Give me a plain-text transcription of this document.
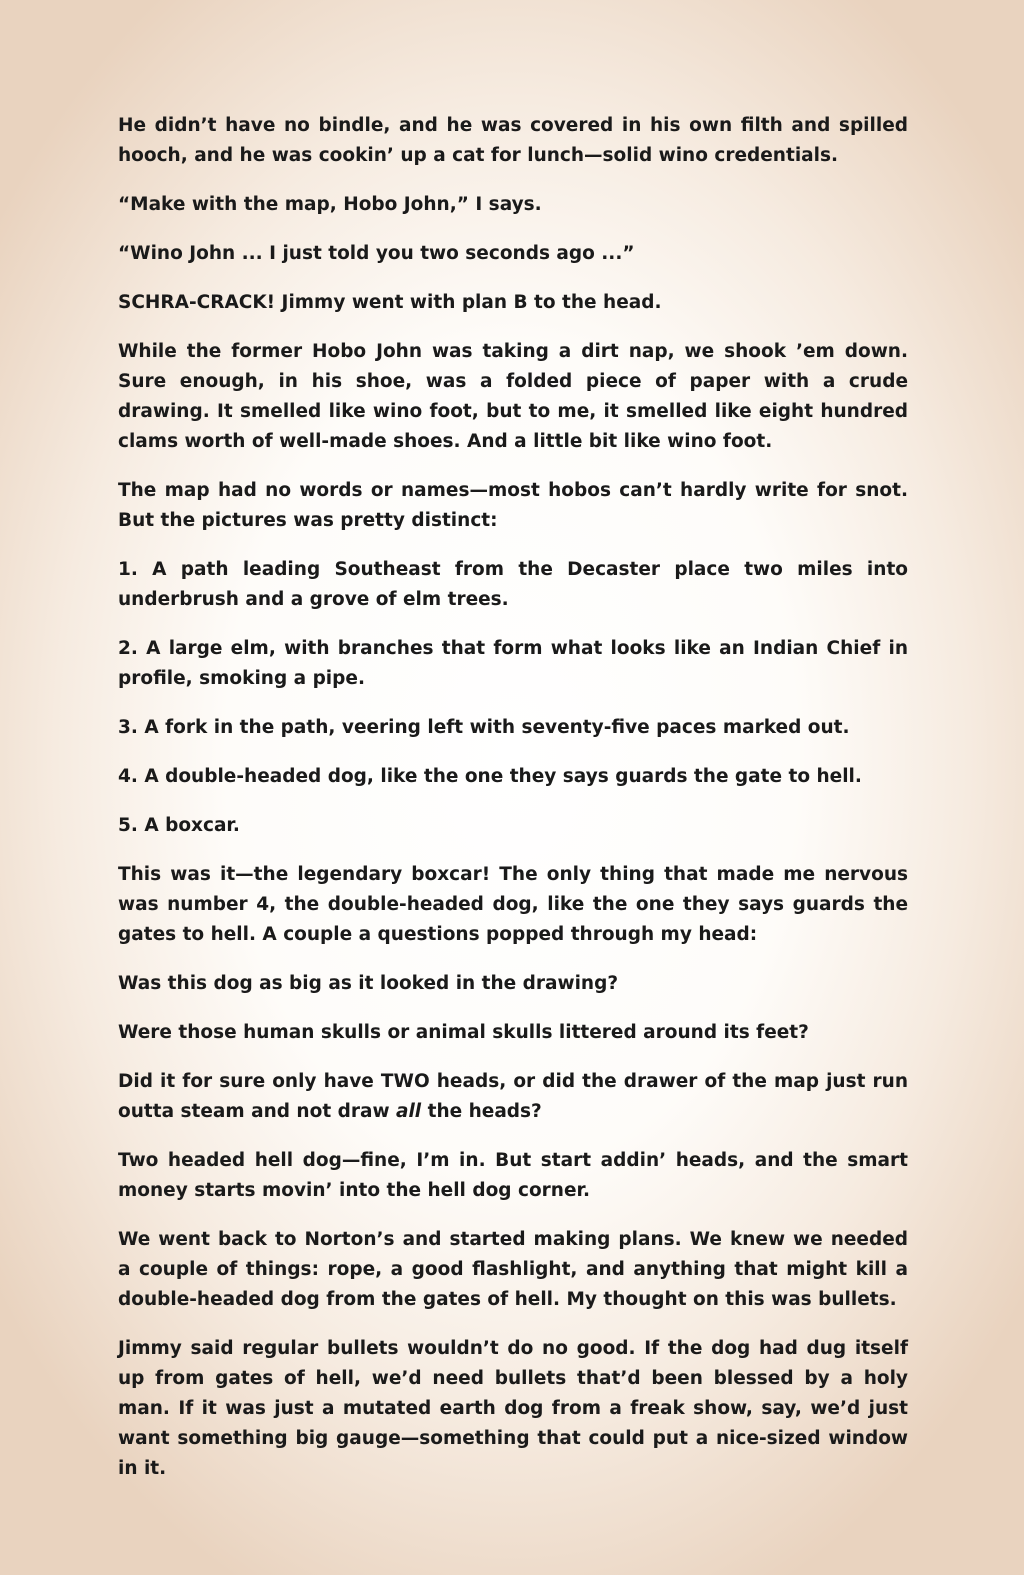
He didn’t have no bindle, and he was covered in his own filth and spilled hooch, and he was cookin’ up a cat for lunch—solid wino credentials.

“Make with the map, Hobo John,” I says.

“Wino John ... I just told you two seconds ago ...”

SCHRA-CRACK! Jimmy went with plan B to the head.

While the former Hobo John was taking a dirt nap, we shook ’em down. Sure enough, in his shoe, was a folded piece of paper with a crude drawing. It smelled like wino foot, but to me, it smelled like eight hundred clams worth of well-made shoes. And a little bit like wino foot.

The map had no words or names—most hobos can’t hardly write for snot. But the pictures was pretty distinct:

1. A path leading Southeast from the Decaster place two miles into underbrush and a grove of elm trees.

2. A large elm, with branches that form what looks like an Indian Chief in profile, smoking a pipe.

3. A fork in the path, veering left with seventy-five paces marked out.

4. A double-headed dog, like the one they says guards the gate to hell.

5. A boxcar.

This was it—the legendary boxcar! The only thing that made me nervous was number 4, the double-headed dog, like the one they says guards the gates to hell. A couple a questions popped through my head:

Was this dog as big as it looked in the drawing?

Were those human skulls or animal skulls littered around its feet?

Did it for sure only have TWO heads, or did the drawer of the map just run outta steam and not draw all the heads?

Two headed hell dog—fine, I’m in. But start addin’ heads, and the smart money starts movin’ into the hell dog corner.

We went back to Norton’s and started making plans. We knew we needed a couple of things: rope, a good flashlight, and anything that might kill a double-headed dog from the gates of hell. My thought on this was bullets.

Jimmy said regular bullets wouldn’t do no good. If the dog had dug itself up from gates of hell, we’d need bullets that’d been blessed by a holy man. If it was just a mutated earth dog from a freak show, say, we’d just want something big gauge—something that could put a nice-sized window in it.
